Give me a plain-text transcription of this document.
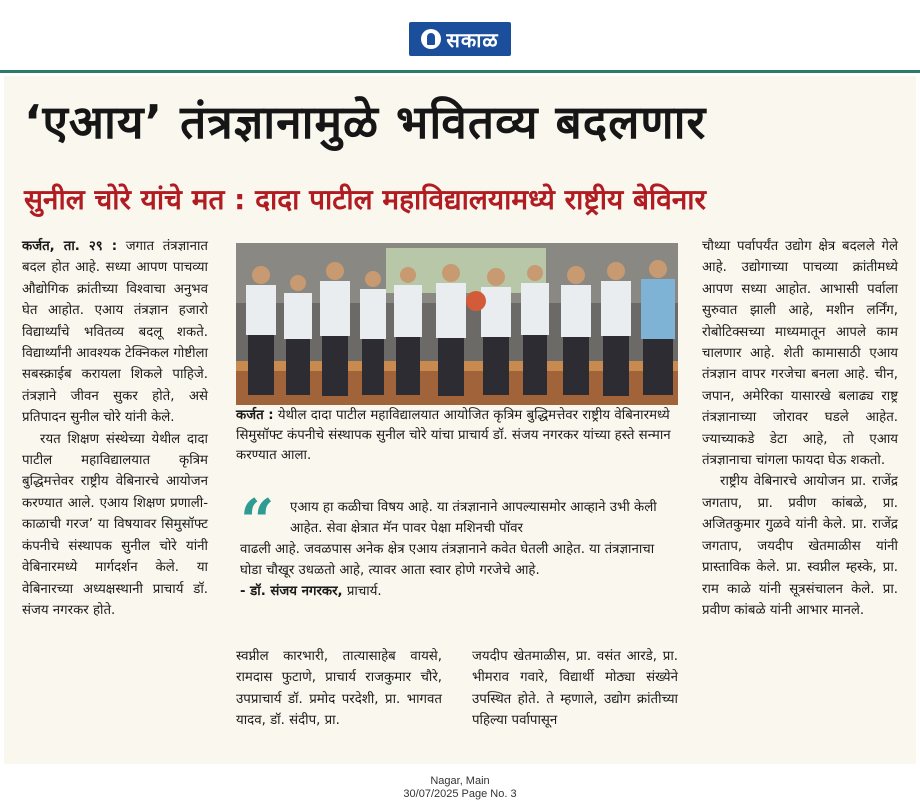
सकाळ
‘एआय’ तंत्रज्ञानामुळे भवितव्य बदलणार
सुनील चोरे यांचे मत : दादा पाटील महाविद्यालयामध्ये राष्ट्रीय बेविनार

कर्जत, ता. २९ : जगात तंत्रज्ञानात बदल होत आहे. सध्या आपण पाचव्या औद्योगिक क्रांतीच्या विश्वाचा अनुभव घेत आहोत. एआय तंत्रज्ञान हजारो विद्यार्थ्यांचे भवितव्य बदलू शकते. विद्यार्थ्यांनी आवश्यक टेक्निकल गोष्टीला सबस्क्राईब करायला शिकले पाहिजे. तंत्रज्ञाने जीवन सुकर होते, असे प्रतिपादन सुनील चोरे यांनी केले.

रयत शिक्षण संस्थेच्या येथील दादा पाटील महाविद्यालयात कृत्रिम बुद्धिमत्तेवर राष्ट्रीय वेबिनारचे आयोजन करण्यात आले. एआय शिक्षण प्रणाली-काळाची गरज’ या विषयावर सिमुसॉफ्ट कंपनीचे संस्थापक सुनील चोरे यांनी वेबिनारमध्ये मार्गदर्शन केले. या वेबिनारच्या अध्यक्षस्थानी प्राचार्य डॉ. संजय नगरकर होते.

कर्जत : येथील दादा पाटील महाविद्यालयात आयोजित कृत्रिम बुद्धिमत्तेवर राष्ट्रीय वेबिनारमध्ये सिमुसॉफ्ट कंपनीचे संस्थापक सुनील चोरे यांचा प्राचार्य डॉ. संजय नगरकर यांच्या हस्ते सन्मान करण्यात आला.
“	एआय हा कळीचा विषय आहे. या तंत्रज्ञानाने आपल्यासमोर आव्हाने उभी केली आहेत. सेवा क्षेत्रात मॅन पावर पेक्षा मशिनची पॉवर
वाढली आहे. जवळपास अनेक क्षेत्र एआय तंत्रज्ञानाने कवेत घेतली आहेत. या तंत्रज्ञानाचा घोडा चौखूर उधळतो आहे, त्यावर आता स्वार होणे गरजेचे आहे.
- डॉ. संजय नगरकर, प्राचार्य.

स्वप्नील कारभारी, तात्यासाहेब वायसे, रामदास फुटाणे, प्राचार्य राजकुमार चौरे, उपप्राचार्य डॉ. प्रमोद परदेशी, प्रा. भागवत यादव, डॉ. संदीप, प्रा.

जयदीप खेतमाळीस, प्रा. वसंत आरडे, प्रा. भीमराव गवारे, विद्यार्थी मोठ्या संख्येने उपस्थित होते. ते म्हणाले, उद्योग क्रांतीच्या पहिल्या पर्वापासून

चौथ्या पर्वापर्यंत उद्योग क्षेत्र बदलले गेले आहे. उद्योगाच्या पाचव्या क्रांतीमध्ये आपण सध्या आहोत. आभासी पर्वाला सुरुवात झाली आहे, मशीन लर्निंग, रोबोटिक्सच्या माध्यमातून आपले काम चालणार आहे. शेती कामासाठी एआय तंत्रज्ञान वापर गरजेचा बनला आहे. चीन, जपान, अमेरिका यासारखे बलाढ्य राष्ट्र तंत्रज्ञानाच्या जोरावर घडले आहेत. ज्याच्याकडे डेटा आहे, तो एआय तंत्रज्ञानाचा चांगला फायदा घेऊ शकतो.

राष्ट्रीय वेबिनारचे आयोजन प्रा. राजेंद्र जगताप, प्रा. प्रवीण कांबळे, प्रा. अजितकुमार गुळवे यांनी केले. प्रा. राजेंद्र जगताप, जयदीप खेतमाळीस यांनी प्रास्ताविक केले. प्रा. स्वप्नील म्हस्के, प्रा. राम काळे यांनी सूत्रसंचालन केले. प्रा. प्रवीण कांबळे यांनी आभार मानले.

Nagar, Main
30/07/2025 Page No. 3
